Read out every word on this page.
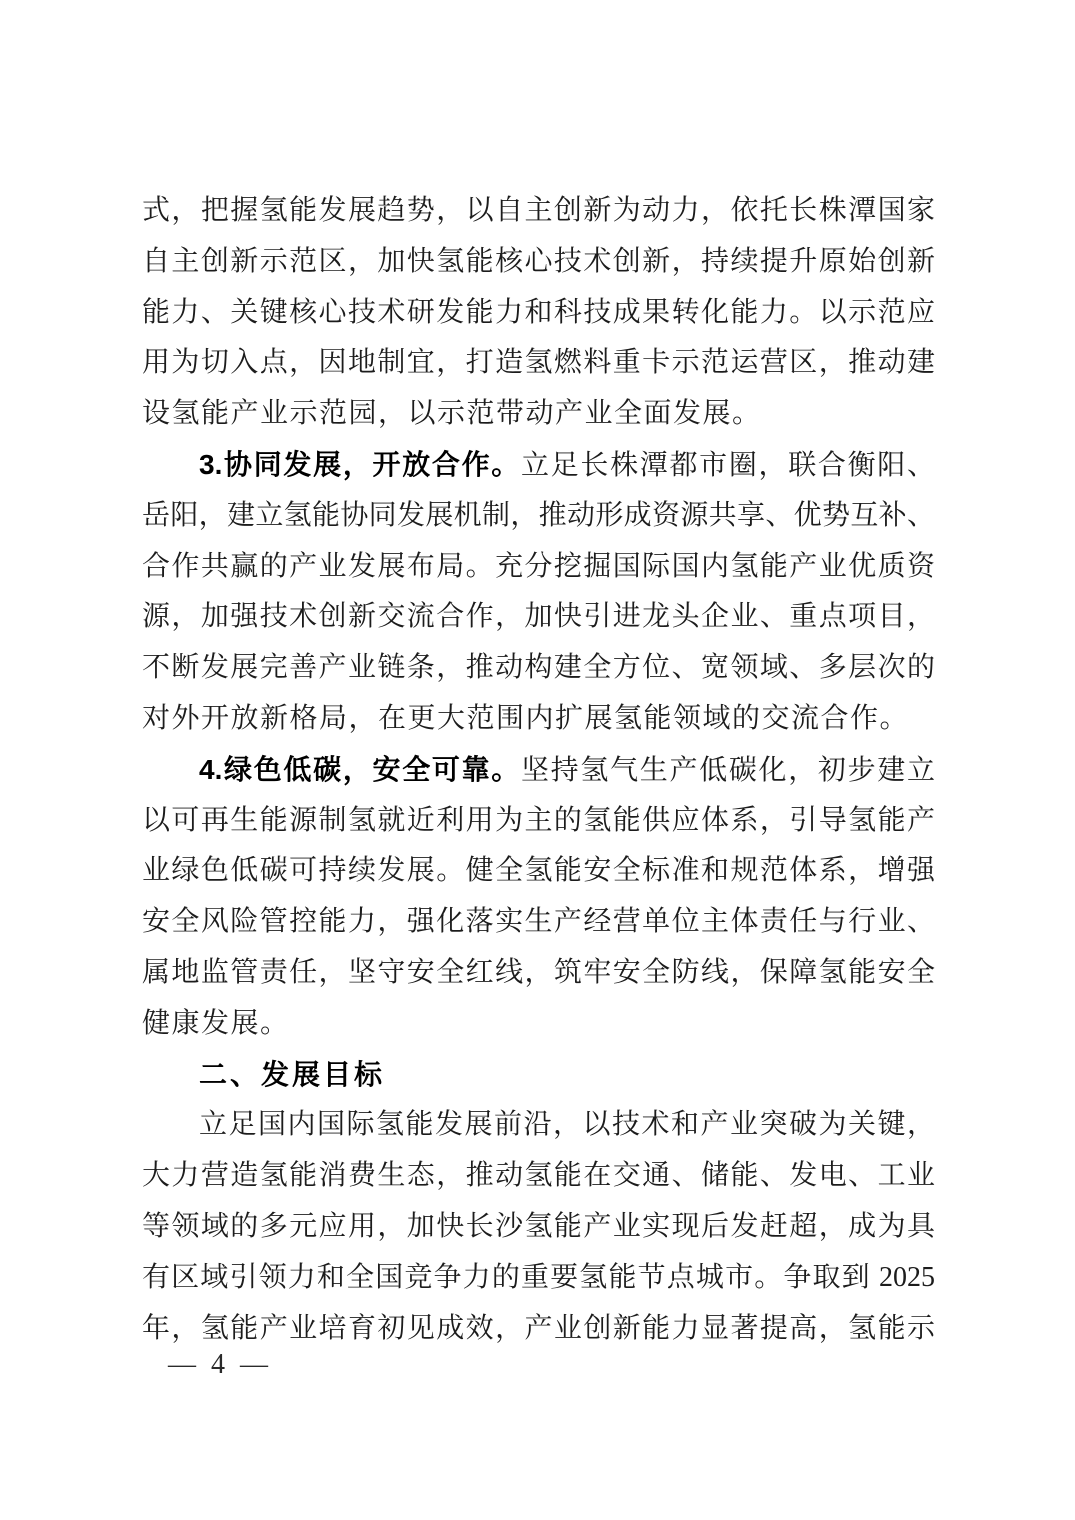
式，把握氢能发展趋势，以自主创新为动力，依托长株潭国家
自主创新示范区，加快氢能核心技术创新，持续提升原始创新
能力、关键核心技术研发能力和科技成果转化能力。以示范应
用为切入点，因地制宜，打造氢燃料重卡示范运营区，推动建
设氢能产业示范园，以示范带动产业全面发展。
3.协同发展，开放合作。立足长株潭都市圈，联合衡阳、
岳阳，建立氢能协同发展机制，推动形成资源共享、优势互补、
合作共赢的产业发展布局。充分挖掘国际国内氢能产业优质资
源，加强技术创新交流合作，加快引进龙头企业、重点项目，
不断发展完善产业链条，推动构建全方位、宽领域、多层次的
对外开放新格局，在更大范围内扩展氢能领域的交流合作。
4.绿色低碳，安全可靠。坚持氢气生产低碳化，初步建立
以可再生能源制氢就近利用为主的氢能供应体系，引导氢能产
业绿色低碳可持续发展。健全氢能安全标准和规范体系，增强
安全风险管控能力，强化落实生产经营单位主体责任与行业、
属地监管责任，坚守安全红线，筑牢安全防线，保障氢能安全
健康发展。
二、发展目标
立足国内国际氢能发展前沿，以技术和产业突破为关键，
大力营造氢能消费生态，推动氢能在交通、储能、发电、工业
等领域的多元应用，加快长沙氢能产业实现后发赶超，成为具
有区域引领力和全国竞争力的重要氢能节点城市。争取到 2025
年，氢能产业培育初见成效，产业创新能力显著提高，氢能示
— 4 —
